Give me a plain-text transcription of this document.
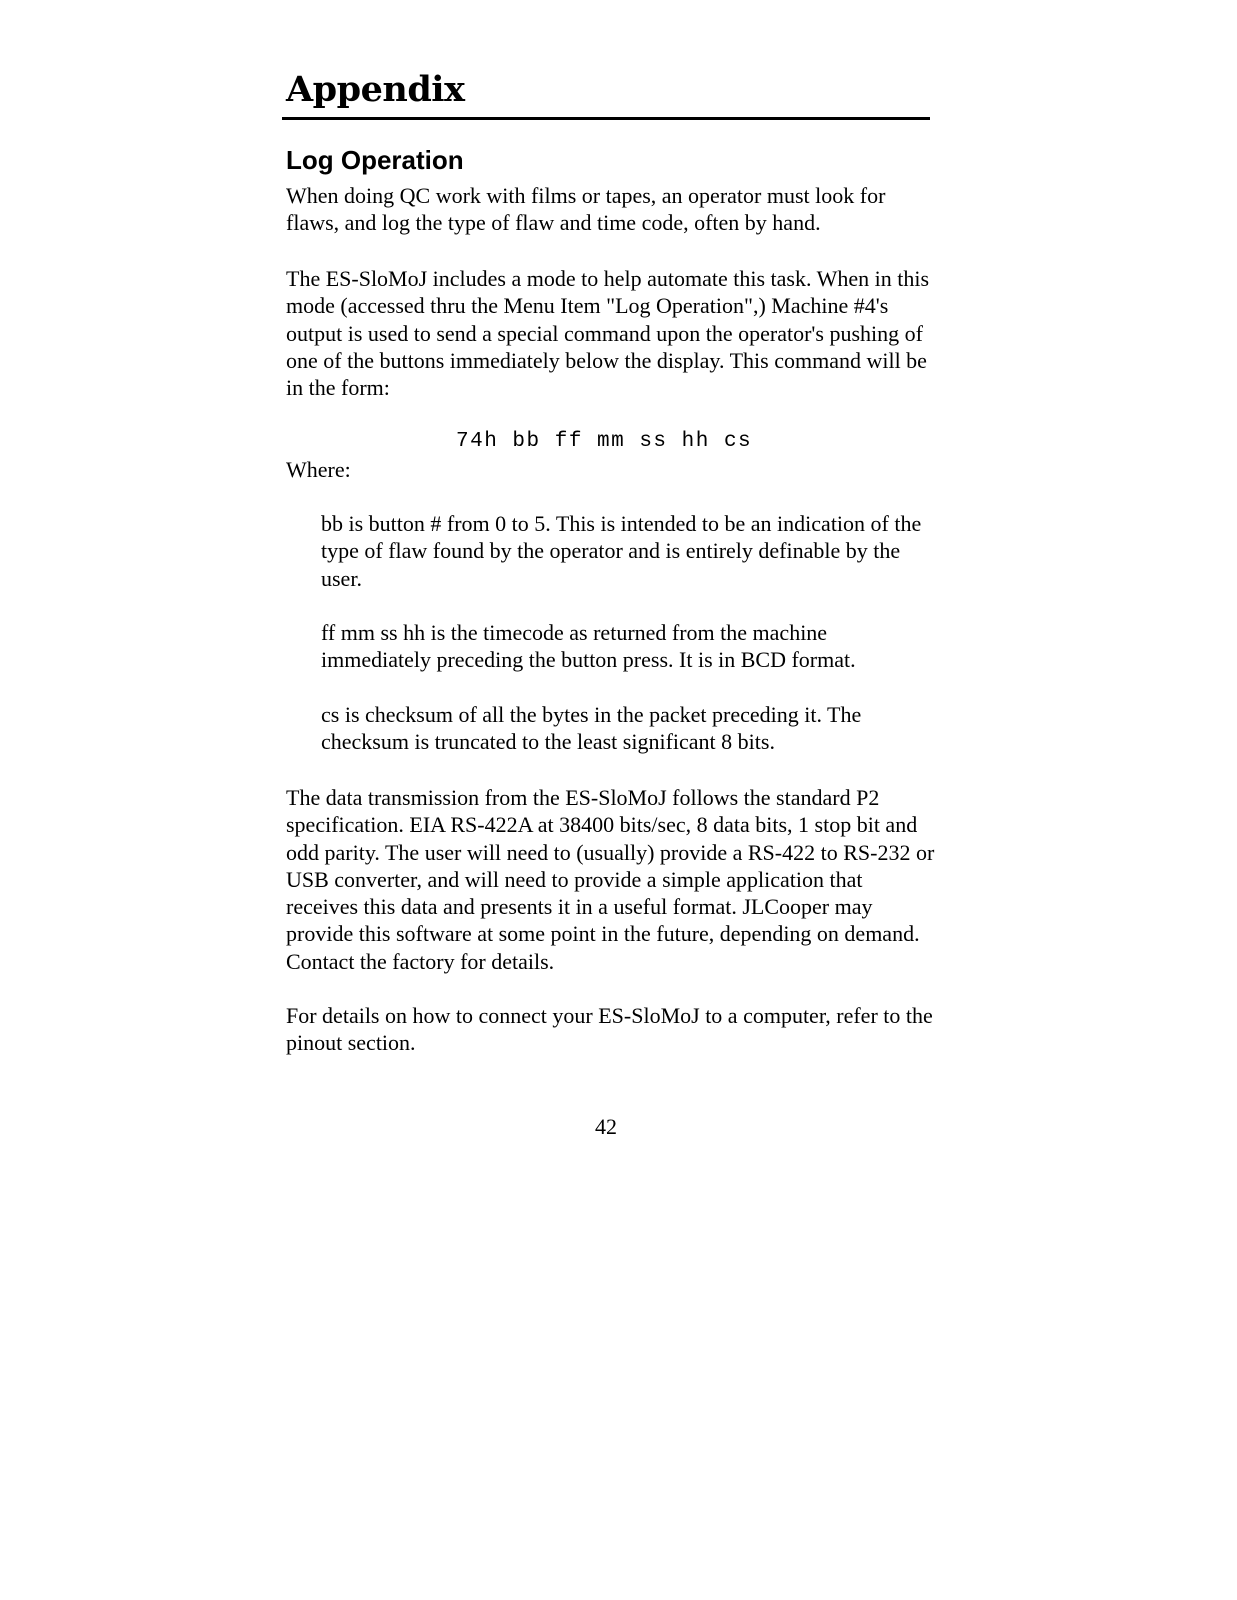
Appendix
Log Operation

When doing QC work with films or tapes, an operator must look for flaws, and log the type of flaw and time code, often by hand.

The ES-SloMoJ includes a mode to help automate this task. When in this mode (accessed thru the Menu Item "Log Operation",) Machine #4's output is used to send a special command upon the operator's pushing of one of the buttons immediately below the display. This command will be in the form:

74h bb ff mm ss hh cs

Where:

bb is button # from 0 to 5. This is intended to be an indication of the type of flaw found by the operator and is entirely definable by the user.

ff mm ss hh is the timecode as returned from the machine immediately preceding the button press. It is in BCD format.

cs is checksum of all the bytes in the packet preceding it. The checksum is truncated to the least significant 8 bits.

The data transmission from the ES-SloMoJ follows the standard P2 specification. EIA RS-422A at 38400 bits/sec, 8 data bits, 1 stop bit and odd parity. The user will need to (usually) provide a RS-422 to RS-232 or USB converter, and will need to provide a simple application that receives this data and presents it in a useful format. JLCooper may provide this software at some point in the future, depending on demand. Contact the factory for details.

For details on how to connect your ES-SloMoJ to a computer, refer to the pinout section.

42
